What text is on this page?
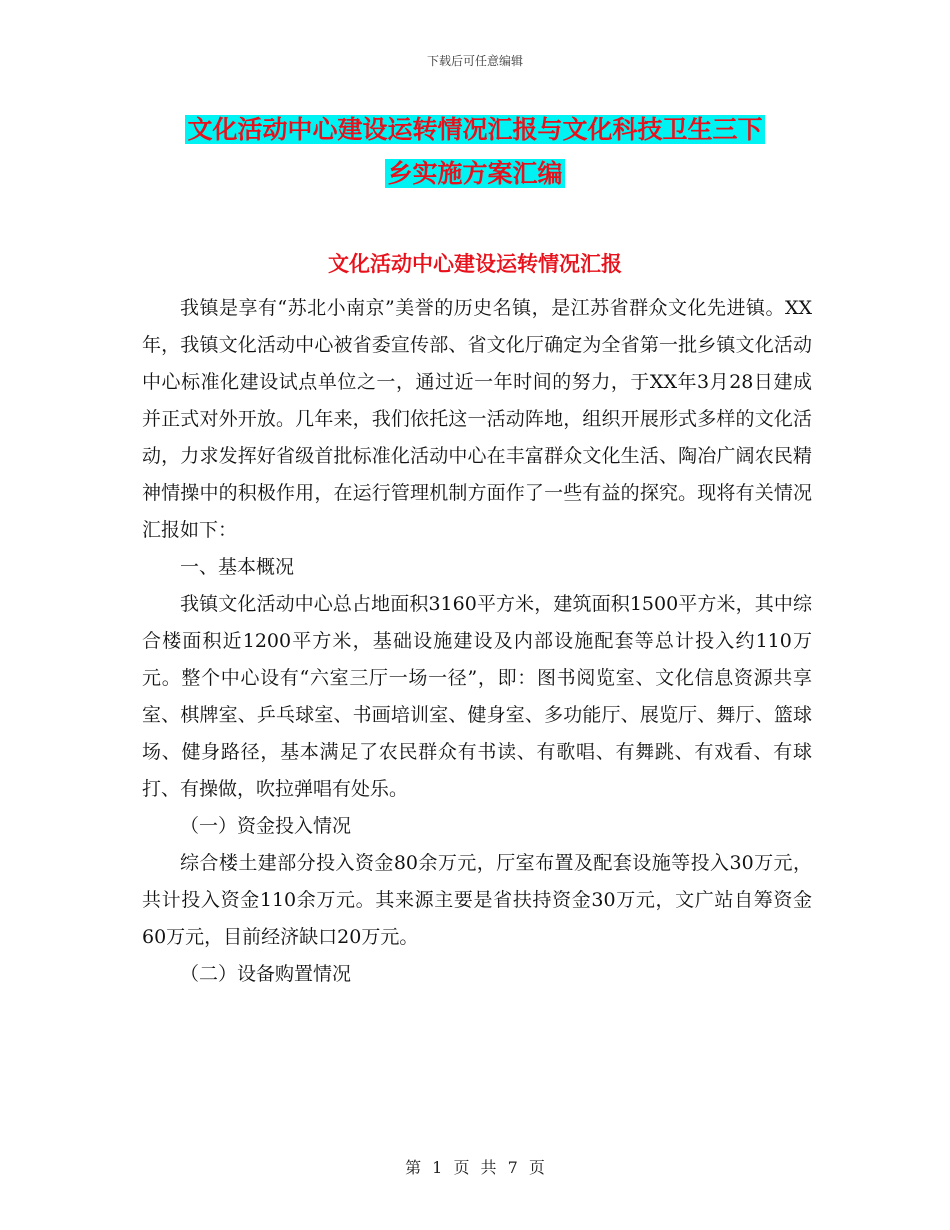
下载后可任意编辑
文化活动中心建设运转情况汇报与文化科技卫生三下
乡实施方案汇编
文化活动中心建设运转情况汇报

我镇是享有“苏北小南京”美誉的历史名镇，是江苏省群众文化先进镇。XX年，我镇文化活动中心被省委宣传部、省文化厅确定为全省第一批乡镇文化活动中心标准化建设试点单位之一，通过近一年时间的努力，于XX年3月28日建成并正式对外开放。几年来，我们依托这一活动阵地，组织开展形式多样的文化活动，力求发挥好省级首批标准化活动中心在丰富群众文化生活、陶冶广阔农民精神情操中的积极作用，在运行管理机制方面作了一些有益的探究。现将有关情况汇报如下：

一、基本概况

我镇文化活动中心总占地面积3160平方米，建筑面积1500平方米，其中综合楼面积近1200平方米，基础设施建设及内部设施配套等总计投入约110万元。整个中心设有“六室三厅一场一径”，即：图书阅览室、文化信息资源共享室、棋牌室、乒乓球室、书画培训室、健身室、多功能厅、展览厅、舞厅、篮球场、健身路径，基本满足了农民群众有书读、有歌唱、有舞跳、有戏看、有球打、有操做，吹拉弹唱有处乐。

（一）资金投入情况

综合楼土建部分投入资金80余万元，厅室布置及配套设施等投入30万元，共计投入资金110余万元。其来源主要是省扶持资金30万元，文广站自筹资金60万元，目前经济缺口20万元。

（二）设备购置情况

第 1 页 共 7 页
